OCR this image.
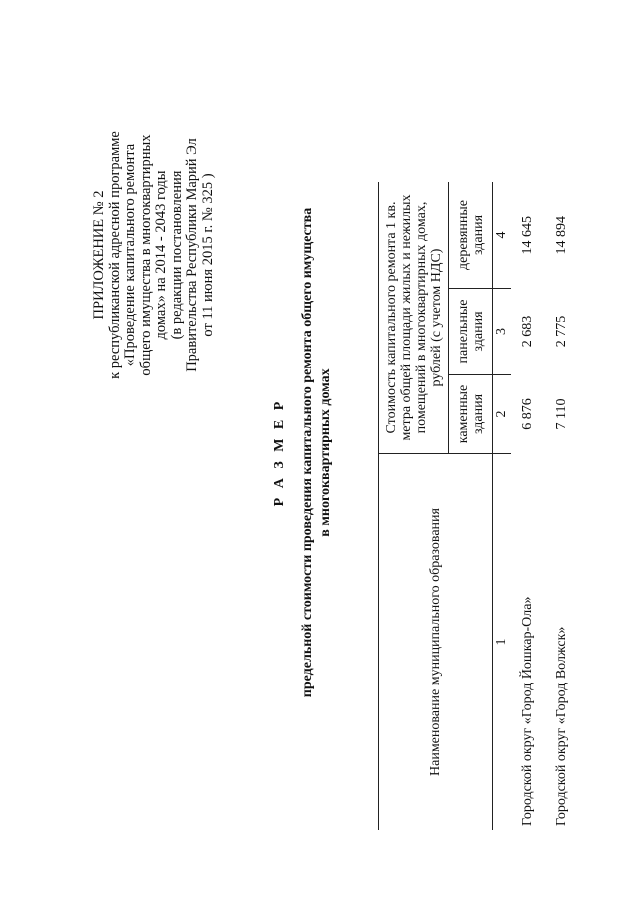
ПРИЛОЖЕНИЕ № 2 к республиканской адресной программе «Проведение капитального ремонта общего имущества в многоквартирных домах» на 2014 - 2043 годы (в редакции постановления Правительства Республики Марий Эл от 11 июня 2015 г. № 325 )
Р А З М Е Р предельной стоимости проведения капитального ремонта общего имущества в многоквартирных домах
Наименование муниципального образования	Стоимость капитального ремонта 1 кв. метра общей площади жилых и нежилых помещений в многоквартирных домах, рублей (с учетом НДС)		
	каменные здания	панельные здания	деревянные здания
1	2	3	4
Городской округ «Город Йошкар-Ола»	6 876	2 683	14 645
Городской округ «Город Волжск»	7 110	2 775	14 894
